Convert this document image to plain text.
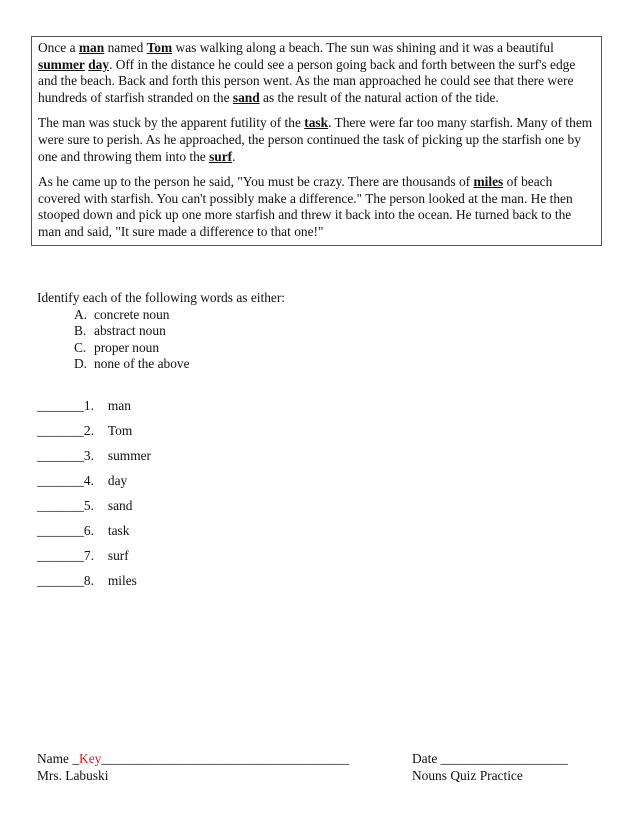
Once a man named Tom was walking along a beach. The sun was shining and it was a beautiful summer day. Off in the distance he could see a person going back and forth between the surf's edge and the beach. Back and forth this person went. As the man approached he could see that there were hundreds of starfish stranded on the sand as the result of the natural action of the tide.

The man was stuck by the apparent futility of the task. There were far too many starfish. Many of them were sure to perish. As he approached, the person continued the task of picking up the starfish one by one and throwing them into the surf.

As he came up to the person he said, "You must be crazy. There are thousands of miles of beach covered with starfish. You can't possibly make a difference." The person looked at the man. He then stooped down and pick up one more starfish and threw it back into the ocean. He turned back to the man and said, "It sure made a difference to that one!"

Identify each of the following words as either:
A. concrete noun
B. abstract noun
C. proper noun
D. none of the above
_______1. man
_______2. Tom
_______3. summer
_______4. day
_______5. sand
_______6. task
_______7. surf
_______8. miles
Name _Key_____________________________________	Date ___________________
Mrs. Labuski	Nouns Quiz Practice
